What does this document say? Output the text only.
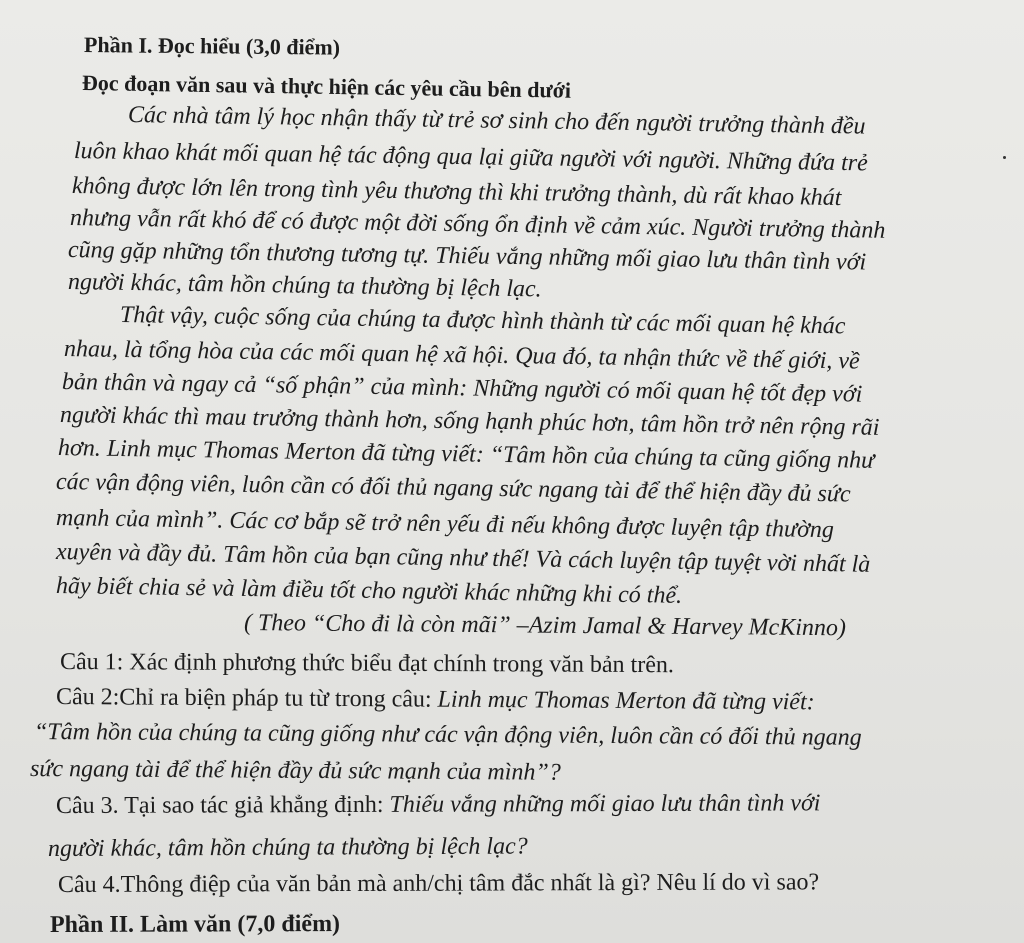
Phần I. Đọc hiểu (3,0 điểm)
Đọc đoạn văn sau và thực hiện các yêu cầu bên dưới
Các nhà tâm lý học nhận thấy từ trẻ sơ sinh cho đến người trưởng thành đều
luôn khao khát mối quan hệ tác động qua lại giữa người với người. Những đứa trẻ
không được lớn lên trong tình yêu thương thì khi trưởng thành, dù rất khao khát
nhưng vẫn rất khó để có được một đời sống ổn định về cảm xúc. Người trưởng thành
cũng gặp những tổn thương tương tự. Thiếu vắng những mối giao lưu thân tình với
người khác, tâm hồn chúng ta thường bị lệch lạc.
Thật vậy, cuộc sống của chúng ta được hình thành từ các mối quan hệ khác
nhau, là tổng hòa của các mối quan hệ xã hội. Qua đó, ta nhận thức về thế giới, về
bản thân và ngay cả “số phận” của mình: Những người có mối quan hệ tốt đẹp với
người khác thì mau trưởng thành hơn, sống hạnh phúc hơn, tâm hồn trở nên rộng rãi
hơn. Linh mục Thomas Merton đã từng viết: “Tâm hồn của chúng ta cũng giống như
các vận động viên, luôn cần có đối thủ ngang sức ngang tài để thể hiện đầy đủ sức
mạnh của mình”. Các cơ bắp sẽ trở nên yếu đi nếu không được luyện tập thường
xuyên và đầy đủ. Tâm hồn của bạn cũng như thế! Và cách luyện tập tuyệt vời nhất là
hãy biết chia sẻ và làm điều tốt cho người khác những khi có thể.
( Theo “Cho đi là còn mãi” –Azim Jamal & Harvey McKinno)
Câu 1: Xác định phương thức biểu đạt chính trong văn bản trên.
Câu 2:Chỉ ra biện pháp tu từ trong câu: Linh mục Thomas Merton đã từng viết:
“Tâm hồn của chúng ta cũng giống như các vận động viên, luôn cần có đối thủ ngang
sức ngang tài để thể hiện đầy đủ sức mạnh của mình”?
Câu 3. Tại sao tác giả khẳng định: Thiếu vắng những mối giao lưu thân tình với
người khác, tâm hồn chúng ta thường bị lệch lạc?
Câu 4.Thông điệp của văn bản mà anh/chị tâm đắc nhất là gì? Nêu lí do vì sao?
Phần II. Làm văn (7,0 điểm)
